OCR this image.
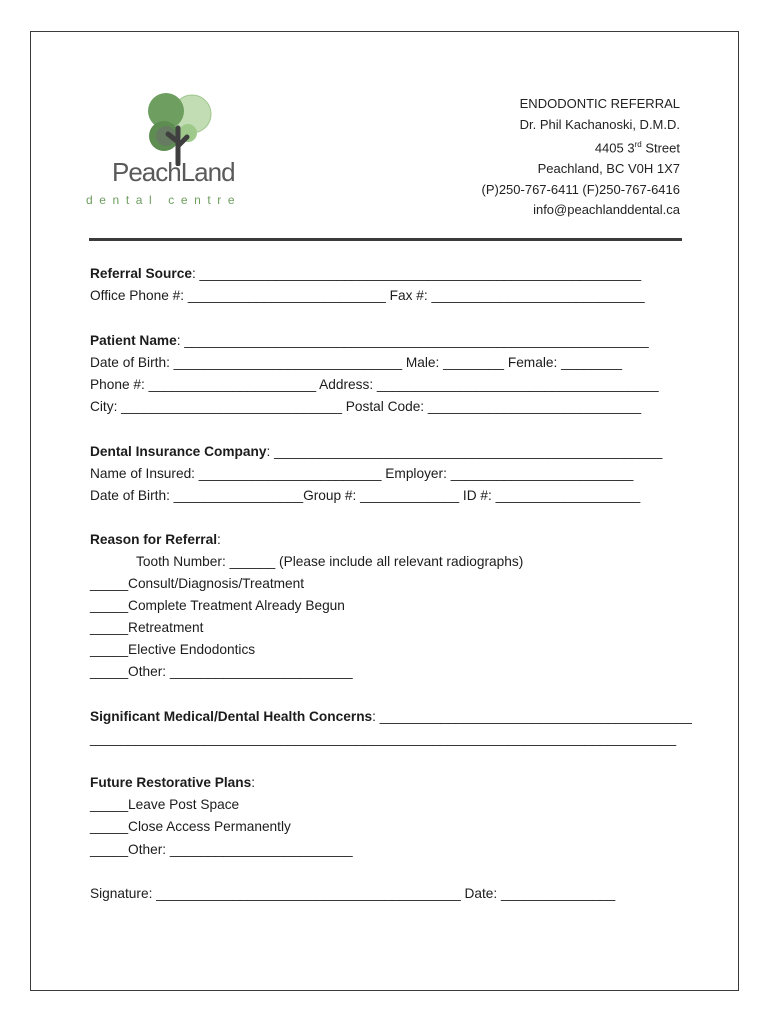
PeachLand
dental centre
ENDODONTIC REFERRAL
Dr. Phil Kachanoski, D.M.D.
4405 3rd Street
Peachland, BC V0H 1X7
(P)250-767-6411 (F)250-767-6416
info@peachlanddental.ca
Referral Source: __________________________________________________________
Office Phone #: __________________________ Fax #: ____________________________
Patient Name: _____________________________________________________________
Date of Birth: ______________________________ Male: ________ Female: ________
Phone #: ______________________ Address: _____________________________________
City: _____________________________ Postal Code: ____________________________
Dental Insurance Company: ___________________________________________________
Name of Insured: ________________________ Employer: ________________________
Date of Birth: _________________Group #: _____________ ID #: ___________________
Reason for Referral:
Tooth Number: ______ (Please include all relevant radiographs)
_____Consult/Diagnosis/Treatment
_____Complete Treatment Already Begun
_____Retreatment
_____Elective Endodontics
_____Other: ________________________
Significant Medical/Dental Health Concerns: _________________________________________
_____________________________________________________________________________
Future Restorative Plans:
_____Leave Post Space
_____Close Access Permanently
_____Other: ________________________
Signature: ________________________________________ Date: _______________
